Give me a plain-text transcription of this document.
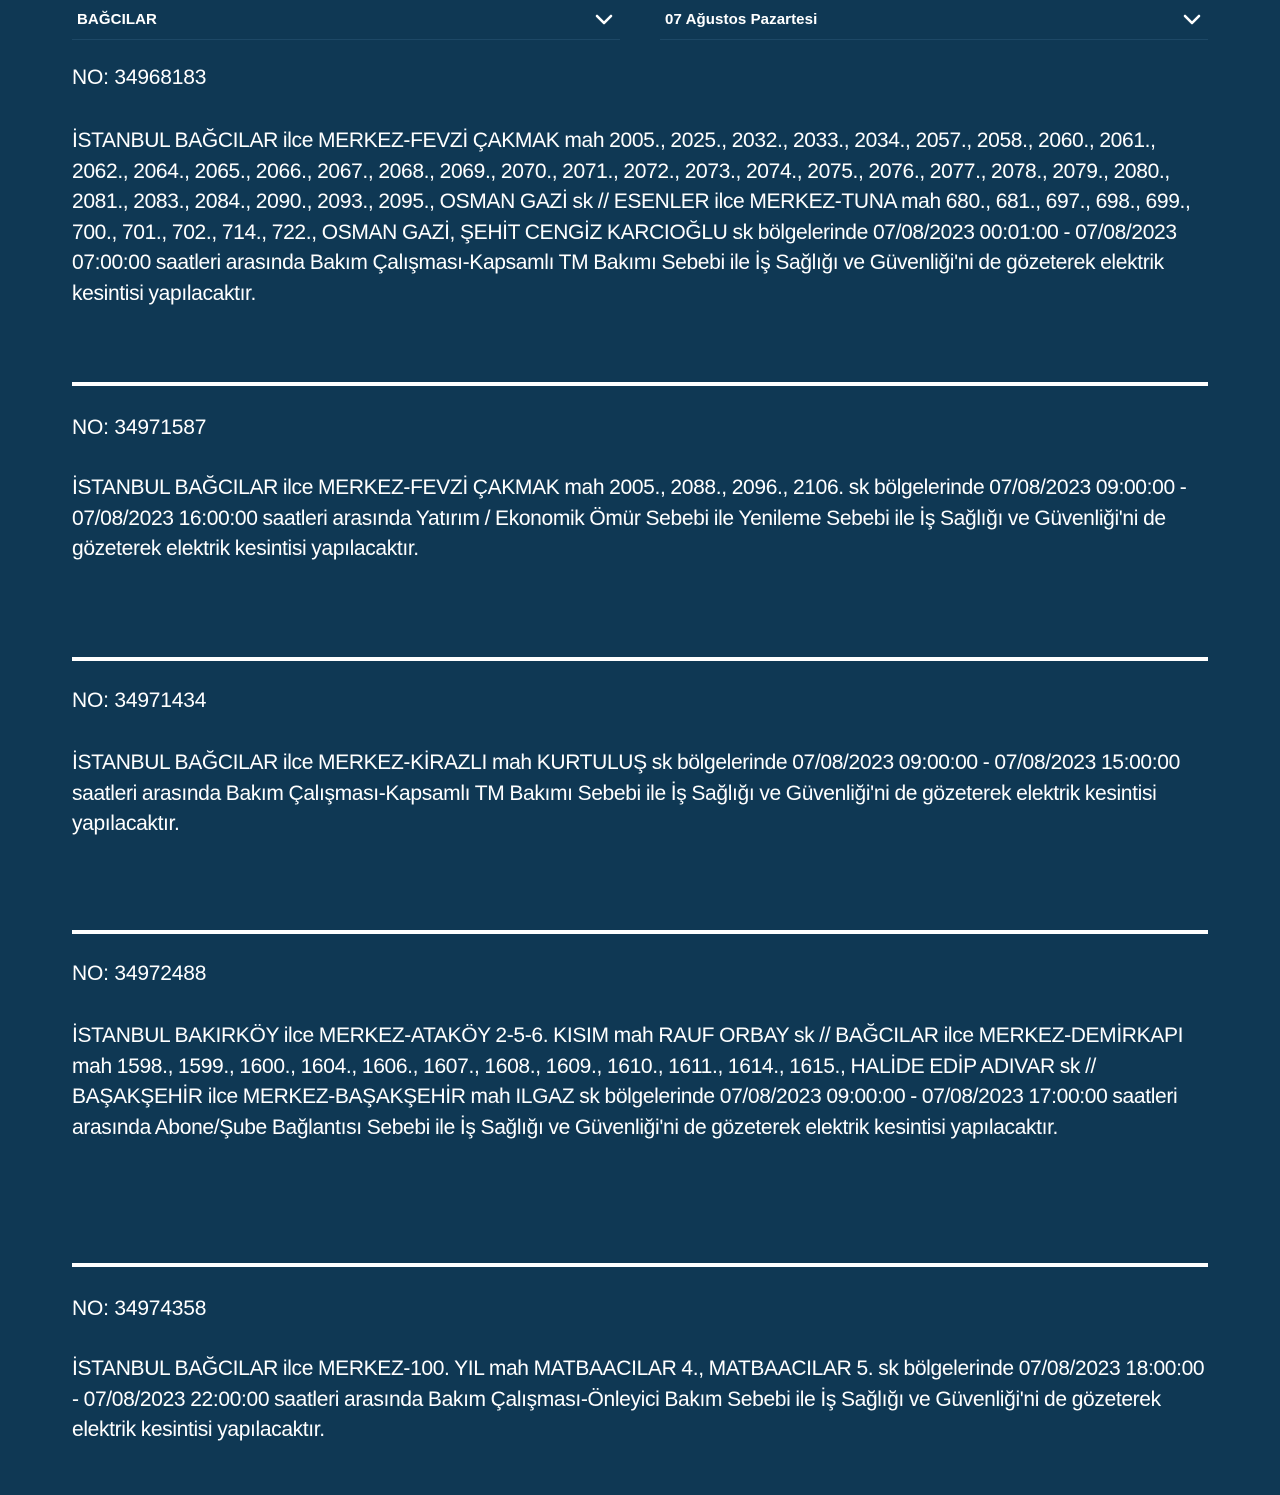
BAĞCILAR	07 Ağustos Pazartesi
NO: 34968183
İSTANBUL BAĞCILAR ilce MERKEZ-FEVZİ ÇAKMAK mah 2005., 2025., 2032., 2033., 2034., 2057., 2058., 2060., 2061., 2062., 2064., 2065., 2066., 2067., 2068., 2069., 2070., 2071., 2072., 2073., 2074., 2075., 2076., 2077., 2078., 2079., 2080., 2081., 2083., 2084., 2090., 2093., 2095., OSMAN GAZİ sk // ESENLER ilce MERKEZ-TUNA mah 680., 681., 697., 698., 699., 700., 701., 702., 714., 722., OSMAN GAZİ, ŞEHİT CENGİZ KARCIOĞLU sk bölgelerinde 07/08/2023 00:01:00 - 07/08/2023 07:00:00 saatleri arasında Bakım Çalışması-Kapsamlı TM Bakımı Sebebi ile İş Sağlığı ve Güvenliği'ni de gözeterek elektrik kesintisi yapılacaktır.
NO: 34971587
İSTANBUL BAĞCILAR ilce MERKEZ-FEVZİ ÇAKMAK mah 2005., 2088., 2096., 2106. sk bölgelerinde 07/08/2023 09:00:00 - 07/08/2023 16:00:00 saatleri arasında Yatırım / Ekonomik Ömür Sebebi ile Yenileme Sebebi ile İş Sağlığı ve Güvenliği'ni de gözeterek elektrik kesintisi yapılacaktır.
NO: 34971434
İSTANBUL BAĞCILAR ilce MERKEZ-KİRAZLI mah KURTULUŞ sk bölgelerinde 07/08/2023 09:00:00 - 07/08/2023 15:00:00 saatleri arasında Bakım Çalışması-Kapsamlı TM Bakımı Sebebi ile İş Sağlığı ve Güvenliği'ni de gözeterek elektrik kesintisi yapılacaktır.
NO: 34972488
İSTANBUL BAKIRKÖY ilce MERKEZ-ATAKÖY 2-5-6. KISIM mah RAUF ORBAY sk // BAĞCILAR ilce MERKEZ-DEMİRKAPI mah 1598., 1599., 1600., 1604., 1606., 1607., 1608., 1609., 1610., 1611., 1614., 1615., HALİDE EDİP ADIVAR sk // BAŞAKŞEHİR ilce MERKEZ-BAŞAKŞEHİR mah ILGAZ sk bölgelerinde 07/08/2023 09:00:00 - 07/08/2023 17:00:00 saatleri arasında Abone/Şube Bağlantısı Sebebi ile İş Sağlığı ve Güvenliği'ni de gözeterek elektrik kesintisi yapılacaktır.
NO: 34974358
İSTANBUL BAĞCILAR ilce MERKEZ-100. YIL mah MATBAACILAR 4., MATBAACILAR 5. sk bölgelerinde 07/08/2023 18:00:00 - 07/08/2023 22:00:00 saatleri arasında Bakım Çalışması-Önleyici Bakım Sebebi ile İş Sağlığı ve Güvenliği'ni de gözeterek elektrik kesintisi yapılacaktır.
